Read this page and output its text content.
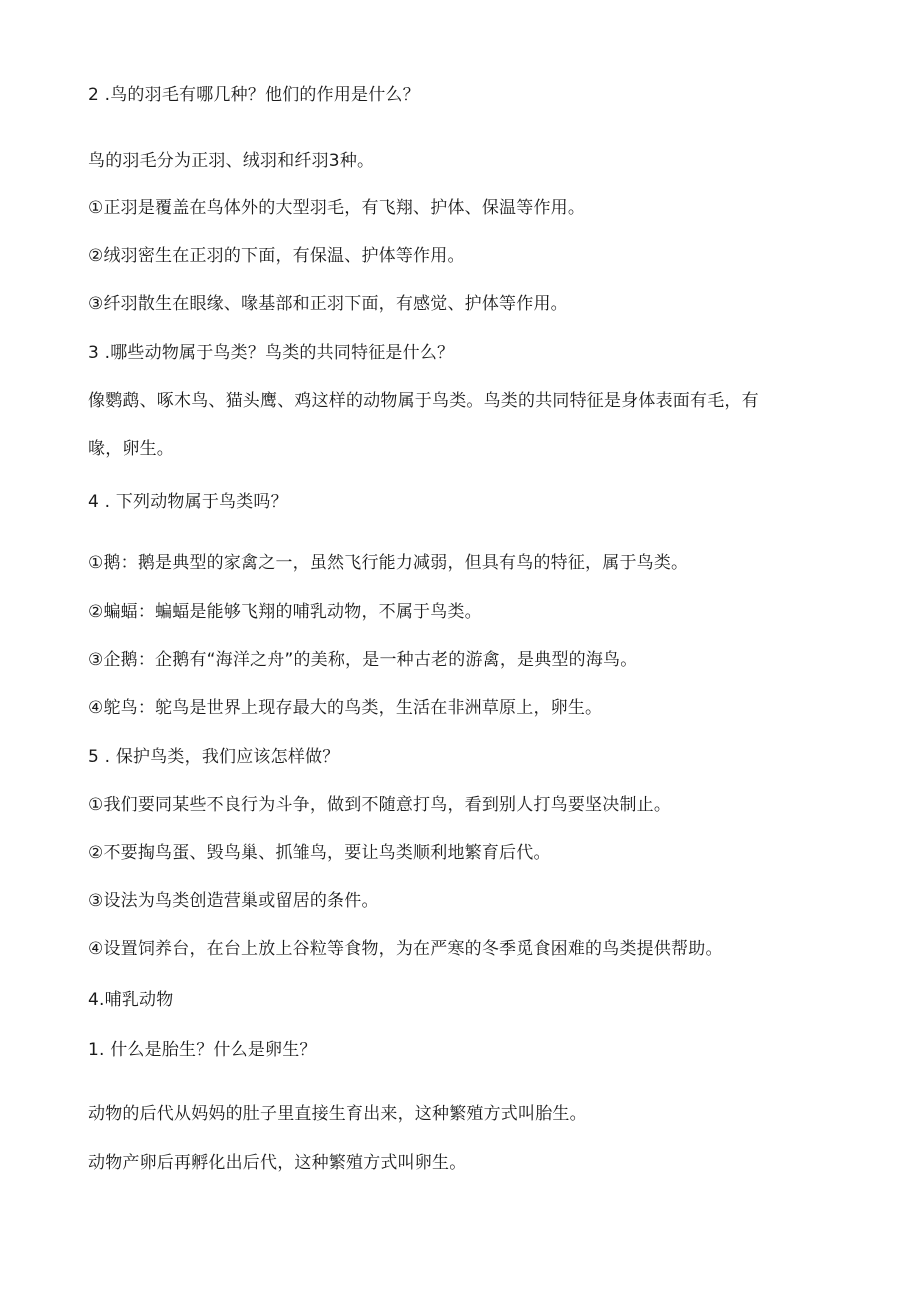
2 .鸟的羽毛有哪几种？他们的作用是什么？
鸟的羽毛分为正羽、绒羽和纤羽3种。
①正羽是覆盖在鸟体外的大型羽毛，有飞翔、护体、保温等作用。
②绒羽密生在正羽的下面，有保温、护体等作用。
③纤羽散生在眼缘、喙基部和正羽下面，有感觉、护体等作用。
3 .哪些动物属于鸟类？鸟类的共同特征是什么？
像鹦鹉、啄木鸟、猫头鹰、鸡这样的动物属于鸟类。鸟类的共同特征是身体表面有毛，有
喙，卵生。
4 . 下列动物属于鸟类吗？
①鹅：鹅是典型的家禽之一，虽然飞行能力减弱，但具有鸟的特征，属于鸟类。
②蝙蝠：蝙蝠是能够飞翔的哺乳动物，不属于鸟类。
③企鹅：企鹅有“海洋之舟”的美称，是一种古老的游禽，是典型的海鸟。
④鸵鸟：鸵鸟是世界上现存最大的鸟类，生活在非洲草原上，卵生。
5 . 保护鸟类，我们应该怎样做？
①我们要同某些不良行为斗争，做到不随意打鸟，看到别人打鸟要坚决制止。
②不要掏鸟蛋、毁鸟巢、抓雏鸟，要让鸟类顺利地繁育后代。
③设法为鸟类创造营巢或留居的条件。
④设置饲养台，在台上放上谷粒等食物，为在严寒的冬季觅食困难的鸟类提供帮助。
4.哺乳动物
1. 什么是胎生？什么是卵生？
动物的后代从妈妈的肚子里直接生育出来，这种繁殖方式叫胎生。
动物产卵后再孵化出后代，这种繁殖方式叫卵生。
